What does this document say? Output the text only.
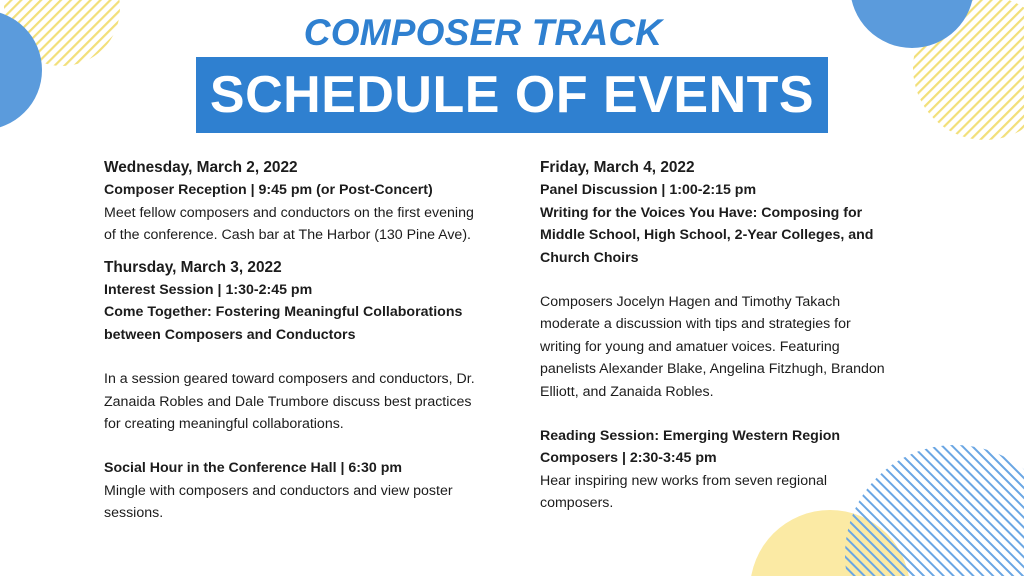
COMPOSER TRACK
SCHEDULE OF EVENTS
Wednesday, March 2, 2022
Composer Reception | 9:45 pm (or Post-Concert)
Meet fellow composers and conductors on the first evening
of the conference. Cash bar at The Harbor (130 Pine Ave).
Thursday, March 3, 2022
Interest Session | 1:30-2:45 pm
Come Together: Fostering Meaningful Collaborations
between Composers and Conductors
In a session geared toward composers and conductors, Dr.
Zanaida Robles and Dale Trumbore discuss best practices
for creating meaningful collaborations.
Social Hour in the Conference Hall | 6:30 pm
Mingle with composers and conductors and view poster
sessions.
Friday, March 4, 2022
Panel Discussion | 1:00-2:15 pm
Writing for the Voices You Have: Composing for
Middle School, High School, 2-Year Colleges, and
Church Choirs
Composers Jocelyn Hagen and Timothy Takach
moderate a discussion with tips and strategies for
writing for young and amatuer voices. Featuring
panelists Alexander Blake, Angelina Fitzhugh, Brandon
Elliott, and Zanaida Robles.
Reading Session: Emerging Western Region
Composers | 2:30-3:45 pm
Hear inspiring new works from seven regional
composers.
